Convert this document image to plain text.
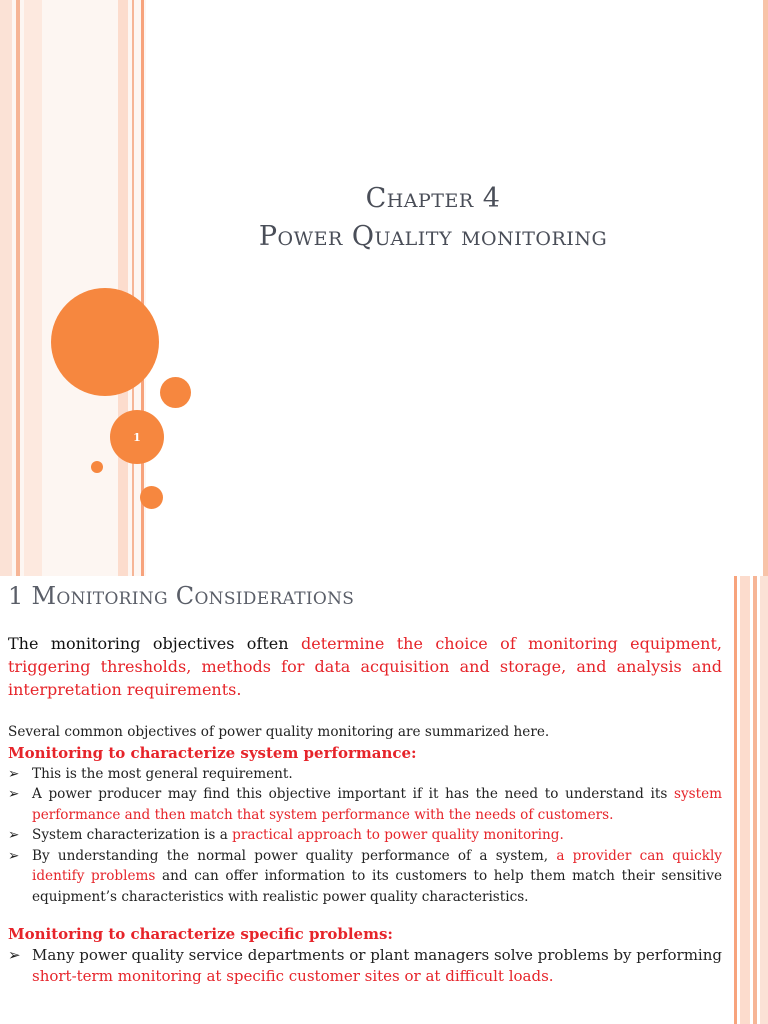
1
Chapter 4
Power Quality monitoring
1 Monitoring Considerations

The monitoring objectives often determine the choice of monitoring equipment, triggering thresholds, methods for data acquisition and storage, and analysis and interpretation requirements.

Several common objectives of power quality monitoring are summarized here.

Monitoring to characterize system performance:

➢ This is the most general requirement.
➢ A power producer may find this objective important if it has the need to understand its system performance and then match that system performance with the needs of customers.
➢ System characterization is a practical approach to power quality monitoring.
➢ By understanding the normal power quality performance of a system, a provider can quickly identify problems and can offer information to its customers to help them match their sensitive equipment’s characteristics with realistic power quality characteristics.

Monitoring to characterize specific problems:

➢ Many power quality service departments or plant managers solve problems by performing short-term monitoring at specific customer sites or at difficult loads.
